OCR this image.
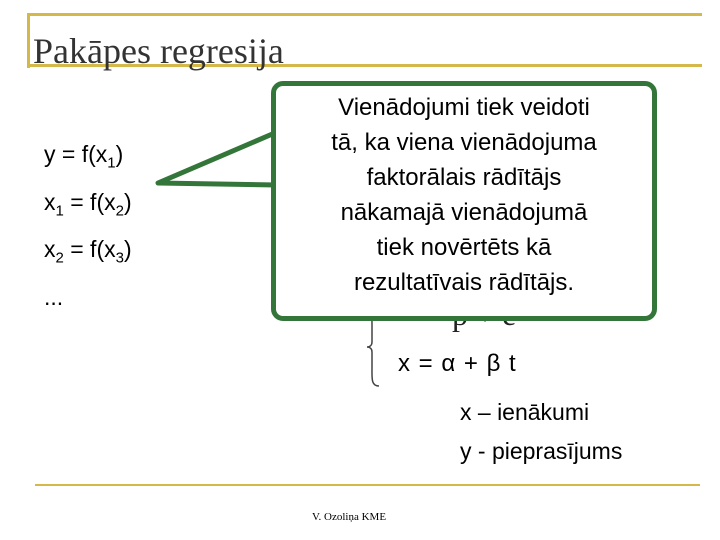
Pakāpes regresija
$y = f(x_1)$
$x_1 = f(x_2)$
$x_2 = f(x_3)$
...
x = α + β t
x – ienākumi
y - pieprasījums
Vienādojumi tiek veidoti
tā, ka viena vienādojuma
faktorālais rādītājs
nākamajā vienādojumā
tiek novērtēts kā
rezultatīvais rādītājs.
V. Ozoliņa KME
